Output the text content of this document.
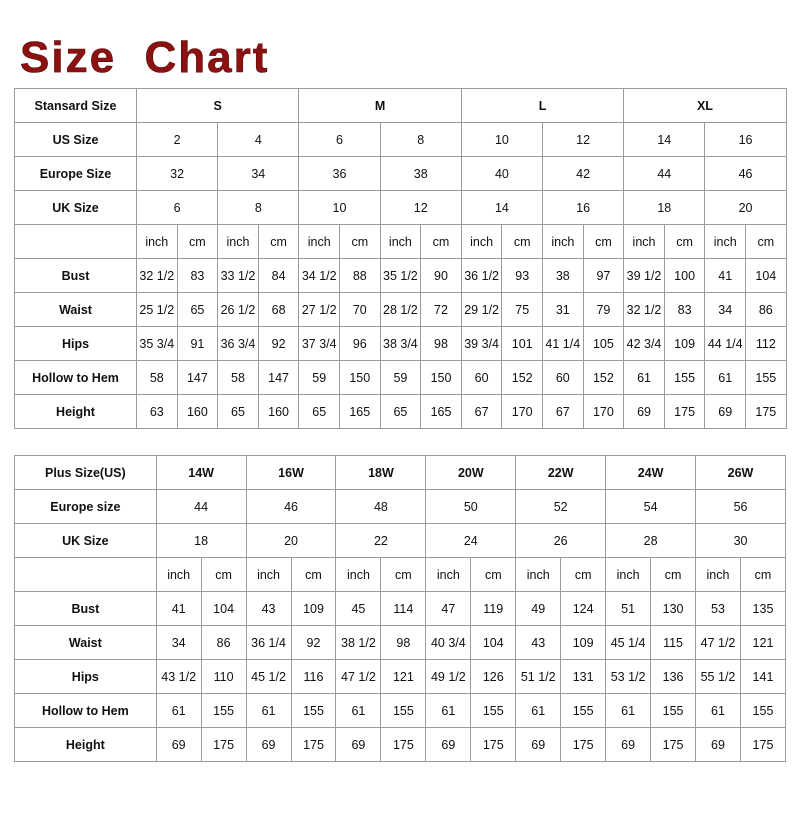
Size  Chart
Stansard Size	S				M				L				XL			
US Size	2		4		6		8		10		12		14		16	
Europe Size	32		34		36		38		40		42		44		46	
UK Size	6		8		10		12		14		16		18		20	
	inch	cm	inch	cm	inch	cm	inch	cm	inch	cm	inch	cm	inch	cm	inch	cm
Bust	32 1/2	83	33 1/2	84	34 1/2	88	35 1/2	90	36 1/2	93	38	97	39 1/2	100	41	104
Waist	25 1/2	65	26 1/2	68	27 1/2	70	28 1/2	72	29 1/2	75	31	79	32 1/2	83	34	86
Hips	35 3/4	91	36 3/4	92	37 3/4	96	38 3/4	98	39 3/4	101	41 1/4	105	42 3/4	109	44 1/4	112
Hollow to Hem	58	147	58	147	59	150	59	150	60	152	60	152	61	155	61	155
Height	63	160	65	160	65	165	65	165	67	170	67	170	69	175	69	175
Plus Size(US)	14W		16W		18W		20W		22W		24W		26W	
Europe size	44		46		48		50		52		54		56	
UK Size	18		20		22		24		26		28		30	
	inch	cm	inch	cm	inch	cm	inch	cm	inch	cm	inch	cm	inch	cm
Bust	41	104	43	109	45	114	47	119	49	124	51	130	53	135
Waist	34	86	36 1/4	92	38 1/2	98	40 3/4	104	43	109	45 1/4	115	47 1/2	121
Hips	43 1/2	110	45 1/2	116	47 1/2	121	49 1/2	126	51 1/2	131	53 1/2	136	55 1/2	141
Hollow to Hem	61	155	61	155	61	155	61	155	61	155	61	155	61	155
Height	69	175	69	175	69	175	69	175	69	175	69	175	69	175
